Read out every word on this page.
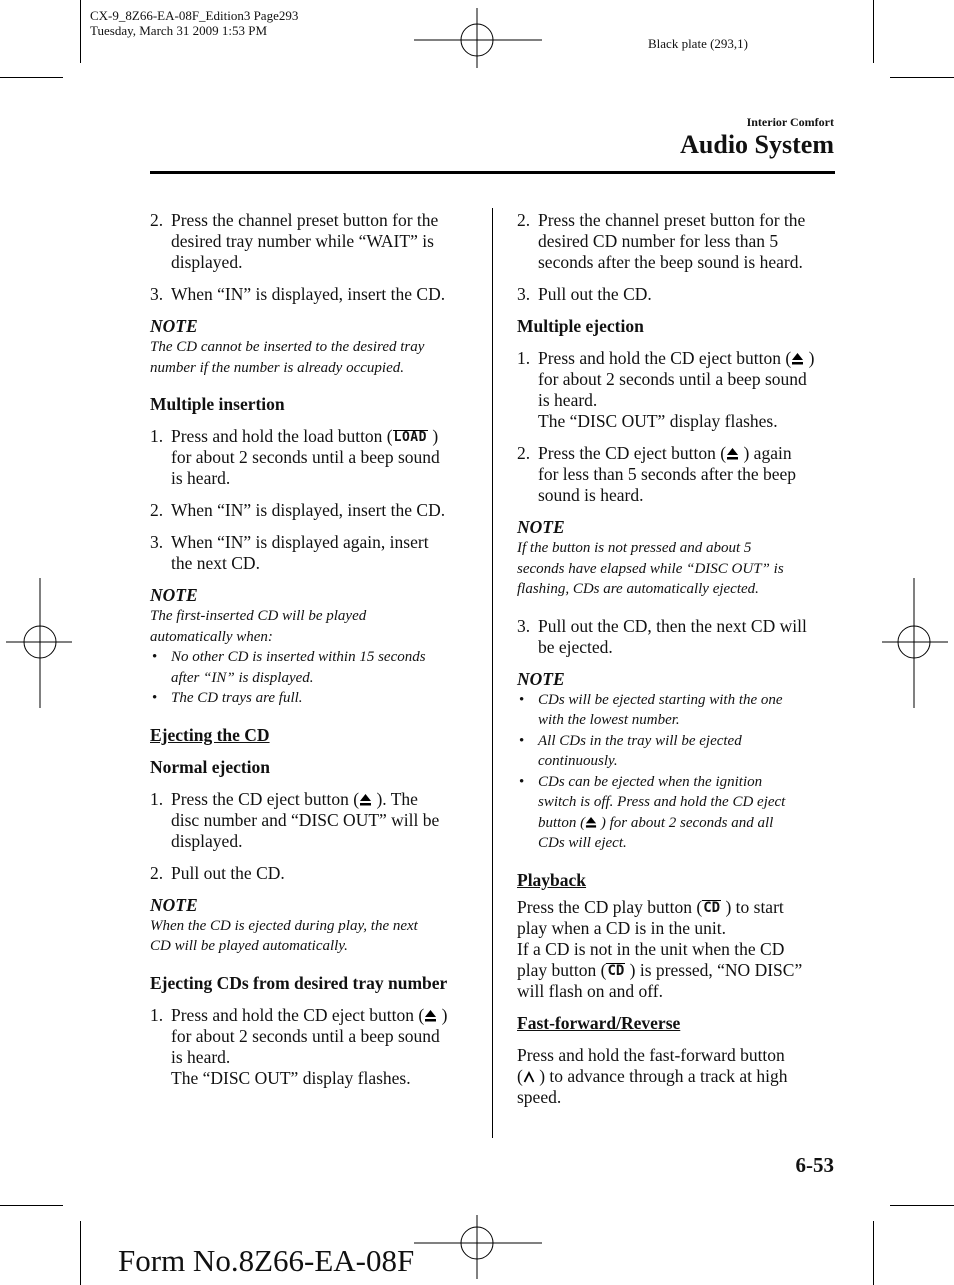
CX-9_8Z66-EA-08F_Edition3 Page293
Tuesday, March 31 2009 1:53 PM
Black plate (293,1)
Interior Comfort
Audio System
2. Press the channel preset button for the
desired tray number while “WAIT” is
displayed.
3. When “IN” is displayed, insert the CD.
NOTE
The CD cannot be inserted to the desired tray
number if the number is already occupied.
Multiple insertion
1. Press and hold the load button (LOAD )
for about 2 seconds until a beep sound
is heard.
2. When “IN” is displayed, insert the CD.
3. When “IN” is displayed again, insert
the next CD.
NOTE
The first-inserted CD will be played
automatically when:
• No other CD is inserted within 15 seconds
after “IN” is displayed.
• The CD trays are full.
Ejecting the CD
Normal ejection
1. Press the CD eject button ( ). The
disc number and “DISC OUT” will be
displayed.
2. Pull out the CD.
NOTE
When the CD is ejected during play, the next
CD will be played automatically.
Ejecting CDs from desired tray number
1. Press and hold the CD eject button ( )
for about 2 seconds until a beep sound
is heard.
The “DISC OUT” display flashes.
2. Press the channel preset button for the
desired CD number for less than 5
seconds after the beep sound is heard.
3. Pull out the CD.
Multiple ejection
1. Press and hold the CD eject button ( )
for about 2 seconds until a beep sound
is heard.
The “DISC OUT” display flashes.
2. Press the CD eject button ( ) again
for less than 5 seconds after the beep
sound is heard.
NOTE
If the button is not pressed and about 5
seconds have elapsed while “DISC OUT” is
flashing, CDs are automatically ejected.
3. Pull out the CD, then the next CD will
be ejected.
NOTE
• CDs will be ejected starting with the one
with the lowest number.
• All CDs in the tray will be ejected
continuously.
• CDs can be ejected when the ignition
switch is off. Press and hold the CD eject
button ( ) for about 2 seconds and all
CDs will eject.
Playback
Press the CD play button (CD ) to start
play when a CD is in the unit.
If a CD is not in the unit when the CD
play button (CD ) is pressed, “NO DISC”
will flash on and off.
Fast-forward/Reverse
Press and hold the fast-forward button
( ) to advance through a track at high
speed.
6-53
Form No.8Z66-EA-08F
